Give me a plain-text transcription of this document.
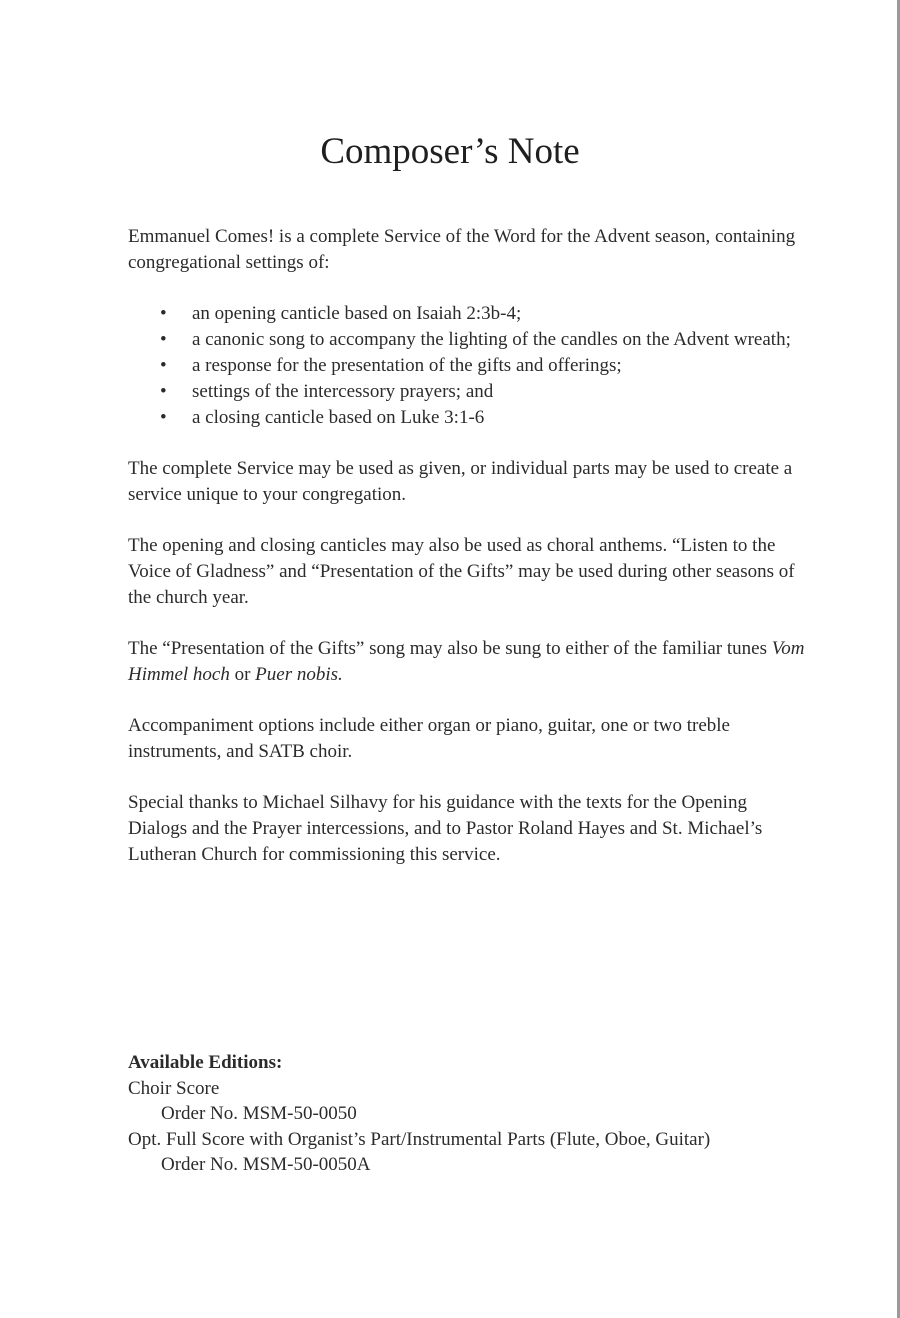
Composer’s Note

Emmanuel Comes! is a complete Service of the Word for the Advent season, containing congregational settings of:

• an opening canticle based on Isaiah 2:3b-4;
• a canonic song to accompany the lighting of the candles on the Advent wreath;
• a response for the presentation of the gifts and offerings;
• settings of the intercessory prayers; and
• a closing canticle based on Luke 3:1-6

The complete Service may be used as given, or individual parts may be used to create a service unique to your congregation.

The opening and closing canticles may also be used as choral anthems. “Listen to the Voice of Gladness” and “Presentation of the Gifts” may be used during other seasons of the church year.

The “Presentation of the Gifts” song may also be sung to either of the familiar tunes Vom Himmel hoch or Puer nobis.

Accompaniment options include either organ or piano, guitar, one or two treble instruments, and SATB choir.

Special thanks to Michael Silhavy for his guidance with the texts for the Opening Dialogs and the Prayer intercessions, and to Pastor Roland Hayes and St. Michael’s Lutheran Church for commissioning this service.

Available Editions:
Choir Score
Order No. MSM-50-0050
Opt. Full Score with Organist’s Part/Instrumental Parts (Flute, Oboe, Guitar)
Order No. MSM-50-0050A
